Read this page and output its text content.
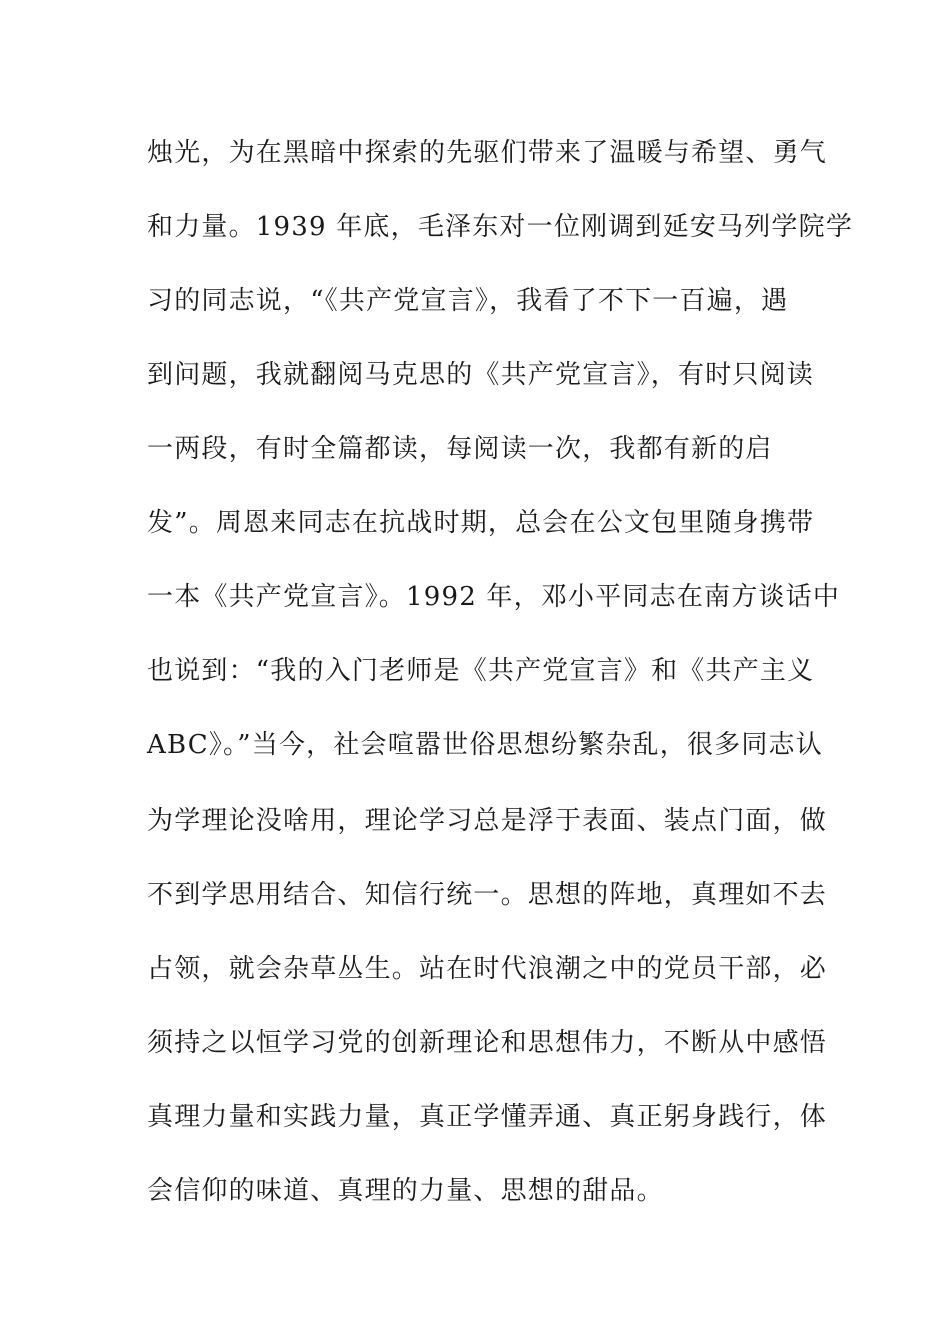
烛光，为在黑暗中探索的先驱们带来了温暖与希望、勇气
和力量。1939 年底，毛泽东对一位刚调到延安马列学院学
习的同志说，“《共产党宣言》，我看了不下一百遍，遇
到问题，我就翻阅马克思的《共产党宣言》，有时只阅读
一两段，有时全篇都读，每阅读一次，我都有新的启
发”。周恩来同志在抗战时期，总会在公文包里随身携带
一本《共产党宣言》。1992 年，邓小平同志在南方谈话中
也说到：“我的入门老师是《共产党宣言》和《共产主义
ABC》。”当今，社会喧嚣世俗思想纷繁杂乱，很多同志认
为学理论没啥用，理论学习总是浮于表面、装点门面，做
不到学思用结合、知信行统一。思想的阵地，真理如不去
占领，就会杂草丛生。站在时代浪潮之中的党员干部，必
须持之以恒学习党的创新理论和思想伟力，不断从中感悟
真理力量和实践力量，真正学懂弄通、真正躬身践行，体
会信仰的味道、真理的力量、思想的甜品。
